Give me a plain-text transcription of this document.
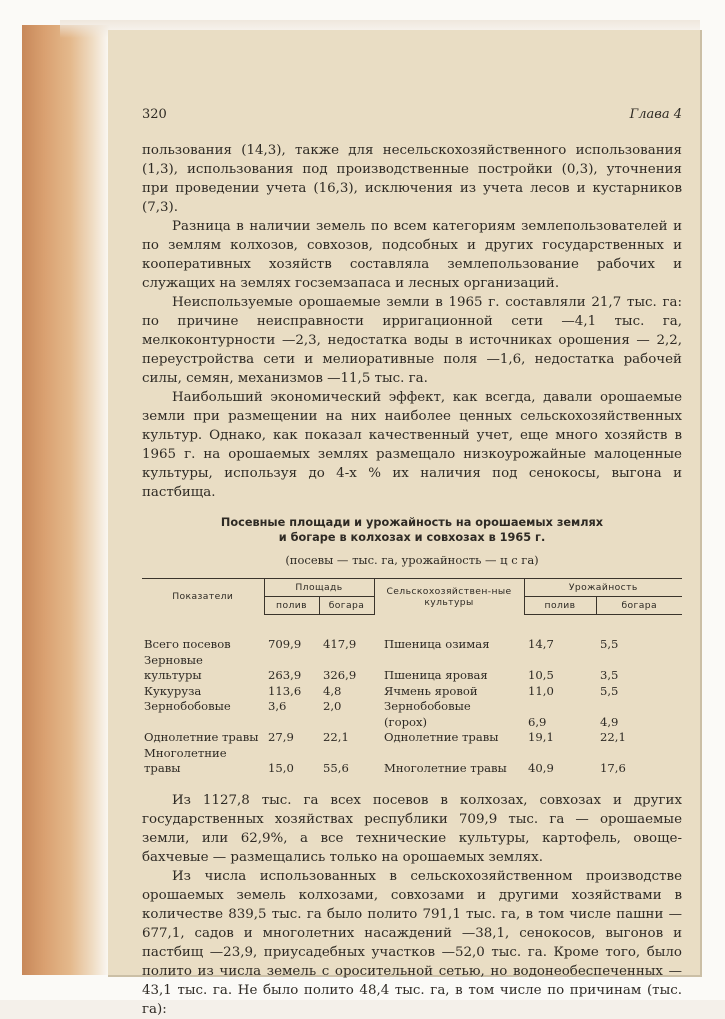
320	Глава 4

пользования (14,3), также для несельскохозяйственного использования (1,3), использования под производственные постройки (0,3), уточнения при проведении учета (16,3), исключения из учета лесов и кустарников (7,3).

Разница в наличии земель по всем категориям землепользователей и по землям колхозов, совхозов, подсобных и других государственных и кооперативных хозяйств составляла землепользование рабочих и служащих на землях госземзапаса и лесных организаций.

Неиспользуемые орошаемые земли в 1965 г. составляли 21,7 тыс. га: по причине неисправности ирригационной сети —4,1 тыс. га, мелкоконтурности —2,3, недостатка воды в источниках орошения — 2,2, переустройства сети и мелиоративные поля —1,6, недостатка рабочей силы, семян, механизмов —11,5 тыс. га.

Наибольший экономический эффект, как всегда, давали орошаемые земли при размещении на них наиболее ценных сельскохозяйственных культур. Однако, как показал качественный учет, еще много хозяйств в 1965 г. на орошаемых землях размещало низкоурожайные малоценные культуры, используя до 4-х % их наличия под сенокосы, выгона и пастбища.

Посевные площади и урожайность на орошаемых землях
и богаре в колхозах и совхозах в 1965 г.
(посевы — тыс. га, урожайность — ц с га)
Показатели	Площадь		Сельскохозяйствен-ные культуры	Урожайность	
	полив	богара		полив	богара
Всего посевов	709,9	417,9	Пшеница озимая	14,7	5,5
Зерновые культуры	263,9	326,9	Пшеница яровая	10,5	3,5
Кукуруза	113,6	4,8	Ячмень яровой	11,0	5,5
Зернобобовые	3,6	2,0	Зернобобовые		
			(горох)	6,9	4,9
Однолетние травы	27,9	22,1	Однолетние травы	19,1	22,1
Многолетние травы	15,0	55,6	Многолетние травы	40,9	17,6

Из 1127,8 тыс. га всех посевов в колхозах, совхозах и других государственных хозяйствах республики 709,9 тыс. га — орошаемые земли, или 62,9%, а все технические культуры, картофель, овоще-бахчевые — размещались только на орошаемых землях.

Из числа использованных в сельскохозяйственном производстве орошаемых земель колхозами, совхозами и другими хозяйствами в количестве 839,5 тыс. га было полито 791,1 тыс. га, в том числе пашни —677,1, садов и многолетних насаждений —38,1, сенокосов, выгонов и пастбищ —23,9, приусадебных участков —52,0 тыс. га. Кроме того, было полито из числа земель с оросительной сетью, но водонеобеспеченных —43,1 тыс. га. Не было полито 48,4 тыс. га, в том числе по причинам (тыс. га):
